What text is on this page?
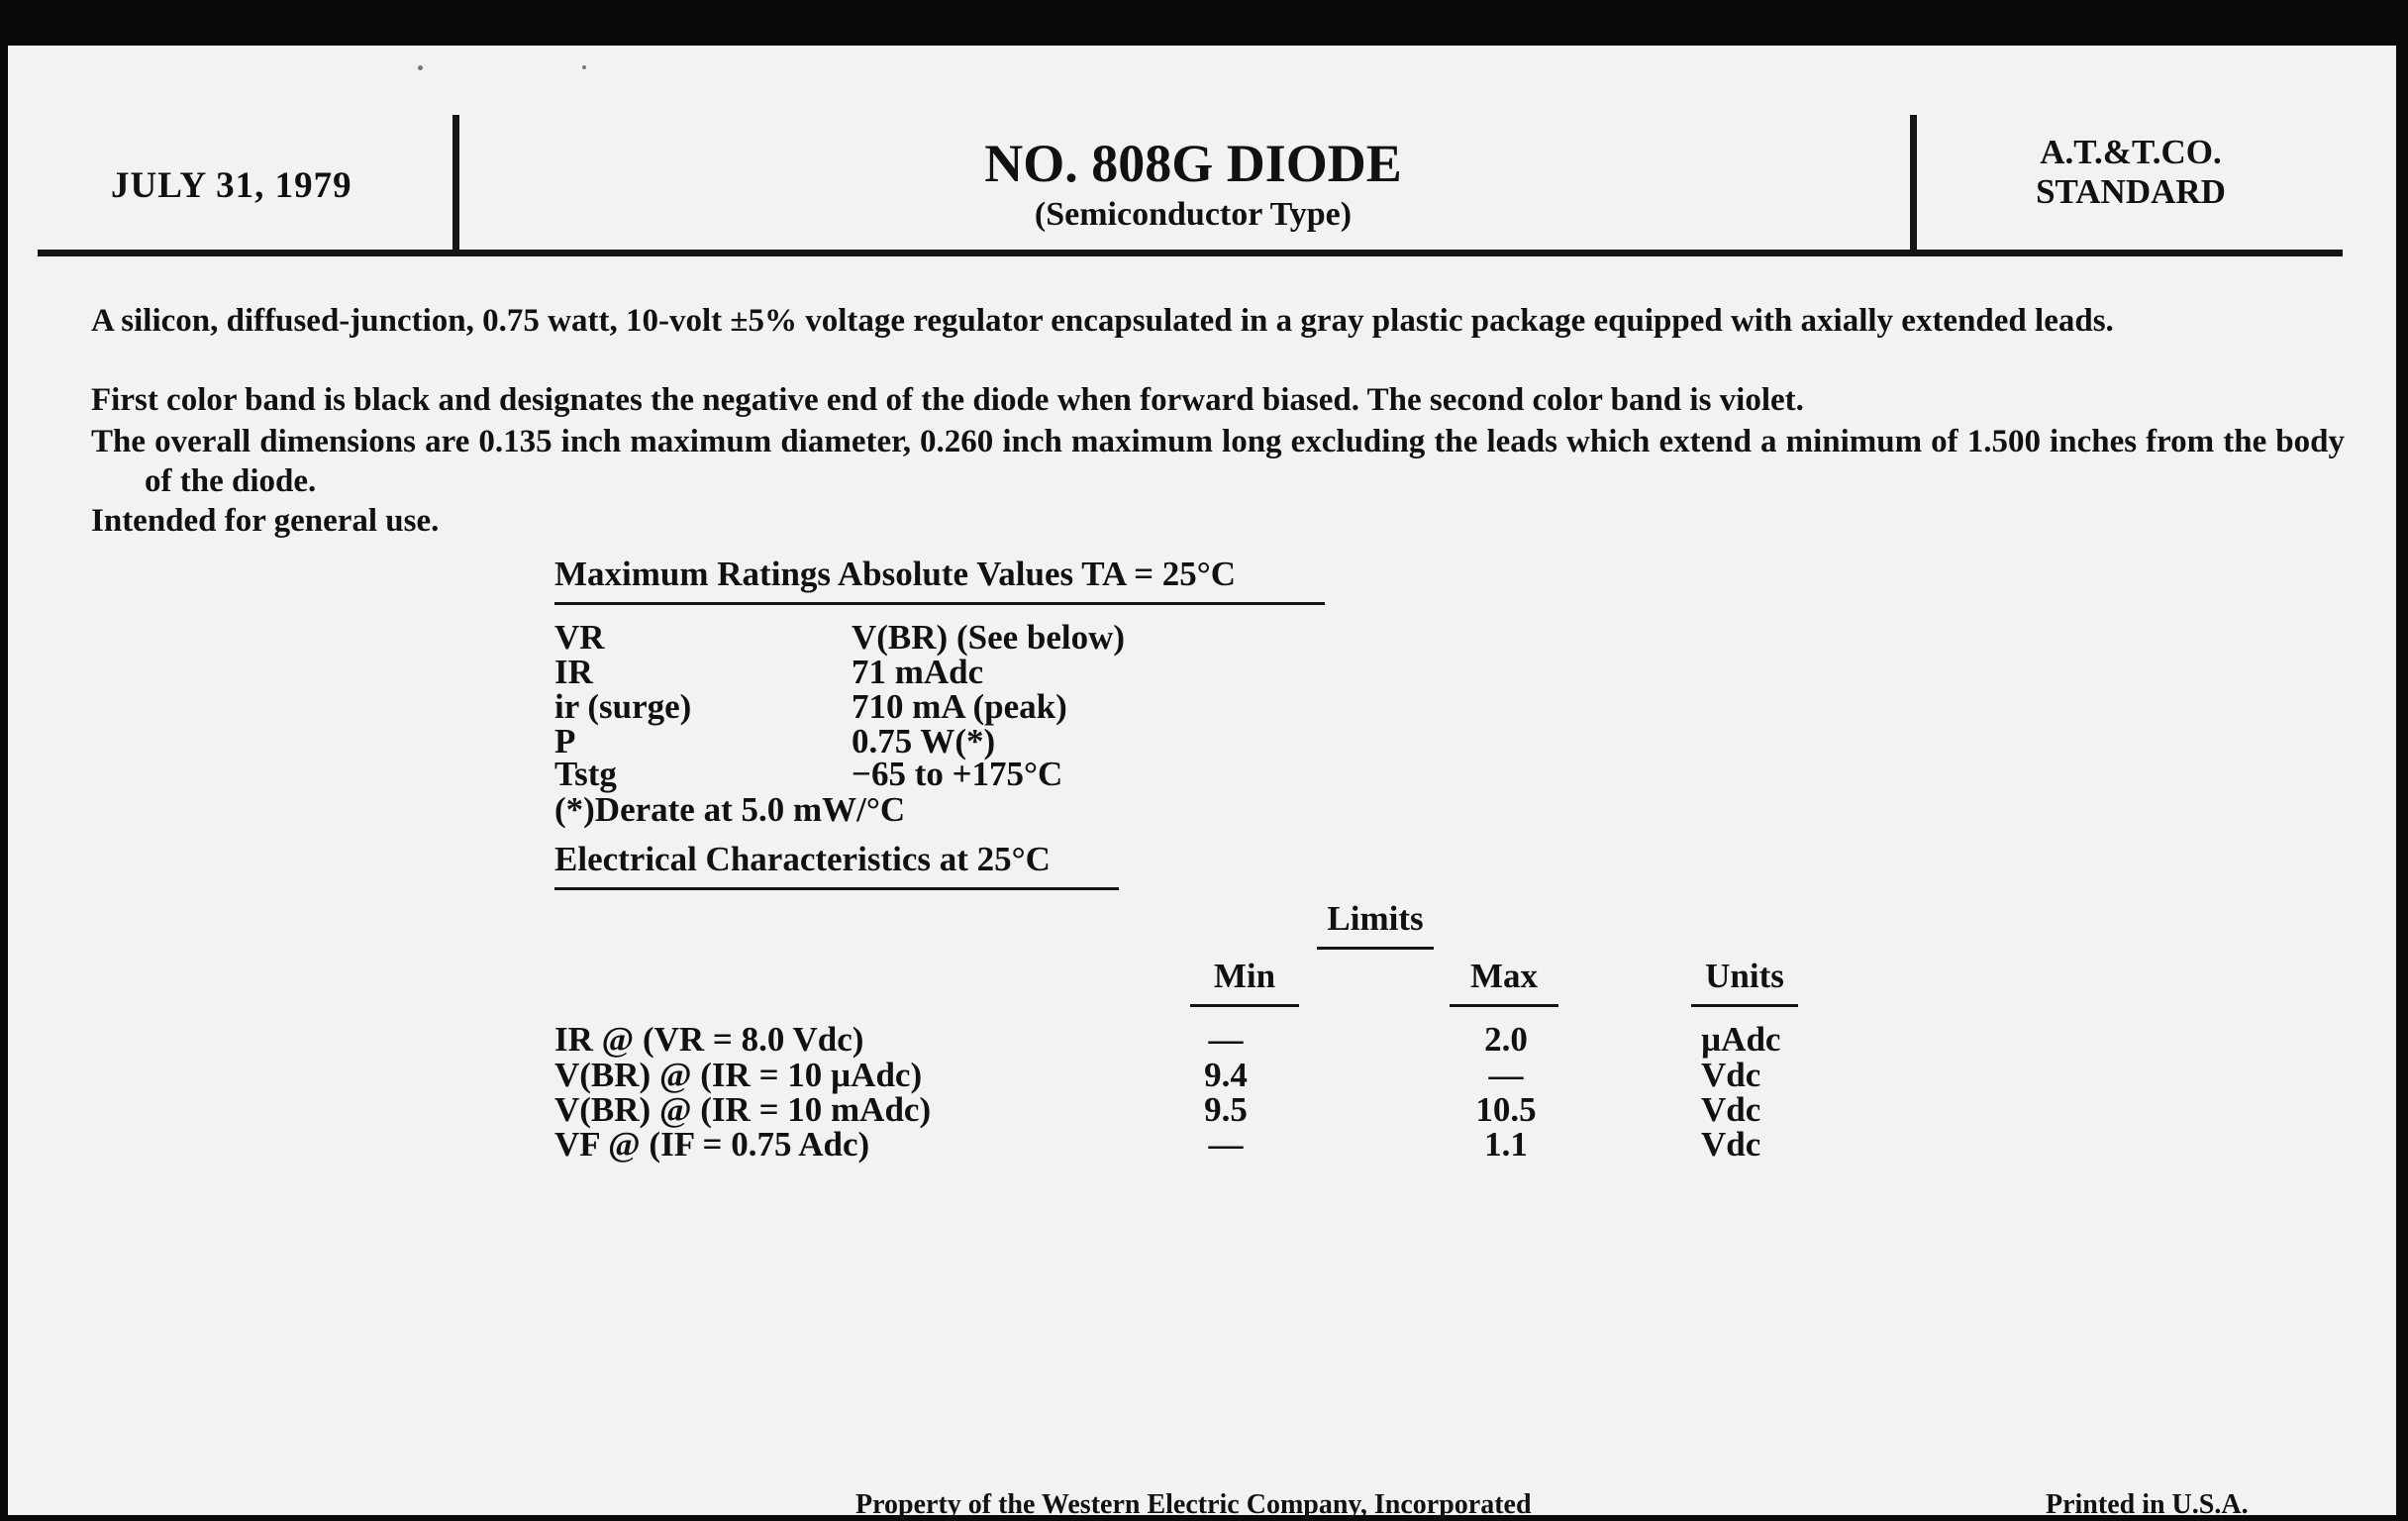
JULY 31, 1979	NO. 808G DIODE
(Semiconductor Type)
A.T.&T.CO.
STANDARD
A silicon, diffused-junction, 0.75 watt, 10-volt ±5% voltage regulator encapsulated in a gray plastic package equipped with axially extended leads.
First color band is black and designates the negative end of the diode when forward biased. The second color band is violet.
The overall dimensions are 0.135 inch maximum diameter, 0.260 inch maximum long excluding the leads which extend a minimum of 1.500 inches from the body of the diode.
Intended for general use.
Maximum Ratings Absolute Values TA = 25°C
VR	V(BR) (See below)
IR	71 mAdc
ir (surge)	710 mA (peak)
P	0.75 W(*)
Tstg	−65 to +175°C
(*)Derate at 5.0 mW/°C
Electrical Characteristics at 25°C
Limits
Min	Max	Units
IR @ (VR = 8.0 Vdc)	—	2.0	µAdc
V(BR) @ (IR = 10 µAdc)	9.4	—	Vdc
V(BR) @ (IR = 10 mAdc)	9.5	10.5	Vdc
VF @ (IF = 0.75 Adc)	—	1.1	Vdc
Property of the Western Electric Company, Incorporated	Printed in U.S.A.
